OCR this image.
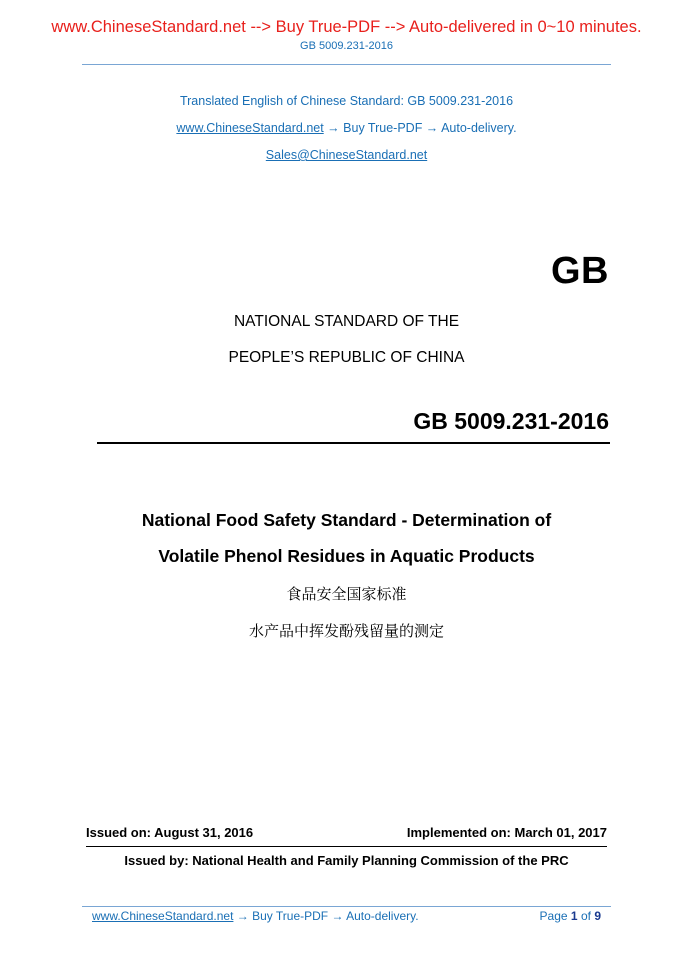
www.ChineseStandard.net --> Buy True-PDF --> Auto-delivered in 0~10 minutes.
GB 5009.231-2016
Translated English of Chinese Standard: GB 5009.231-2016
www.ChineseStandard.net → Buy True-PDF → Auto-delivery.
Sales@ChineseStandard.net
GB
NATIONAL STANDARD OF THE
PEOPLE’S REPUBLIC OF CHINA
GB 5009.231-2016
National Food Safety Standard - Determination of
Volatile Phenol Residues in Aquatic Products
食品安全国家标准
水产品中挥发酚残留量的测定
Issued on: August 31, 2016	Implemented on: March 01, 2017
Issued by: National Health and Family Planning Commission of the PRC
www.ChineseStandard.net → Buy True-PDF → Auto-delivery.	Page 1 of 9
